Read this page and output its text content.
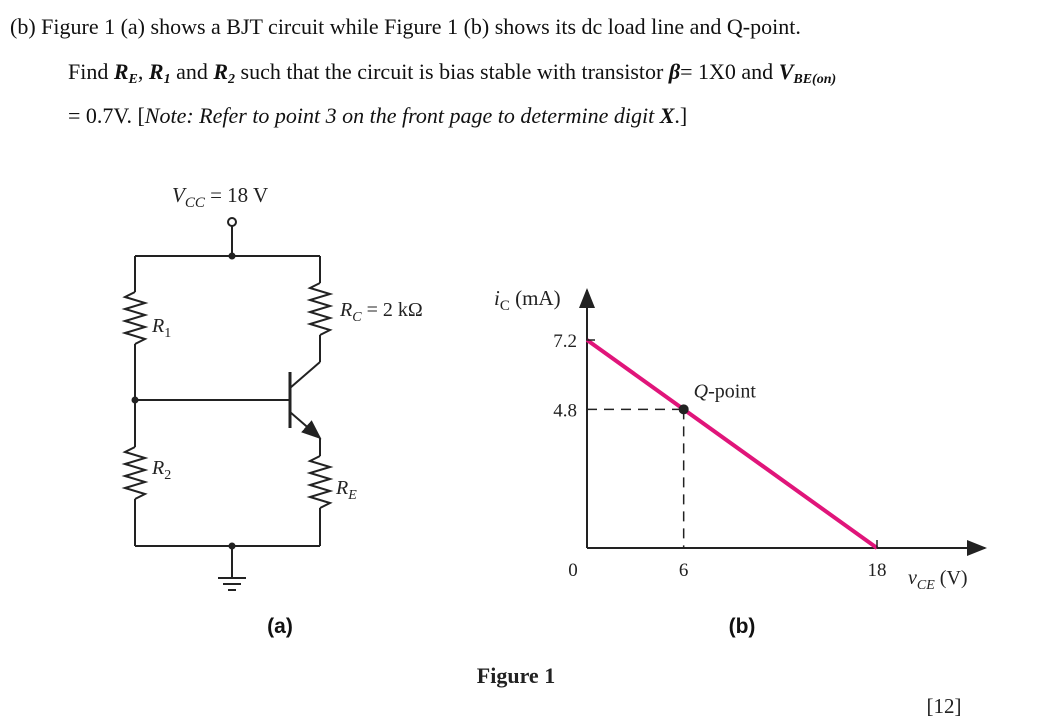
(b) Figure 1 (a) shows a BJT circuit while Figure 1 (b) shows its dc load line and Q-point.
Find RE, R1 and R2 such that the circuit is bias stable with transistor β= 1X0 and VBE(on)
= 0.7V. [Note: Refer to point 3 on the front page to determine digit X.]
$V_{CC} = 18$ V
$R_1$
$R_2$
$R_C = 2$ kΩ
$R_E$
(a)
Q-point
7.2
4.8
0	6	18
$i_C$ (mA)
$v_{CE}$ (V)
(b)
Figure 1
[12]
